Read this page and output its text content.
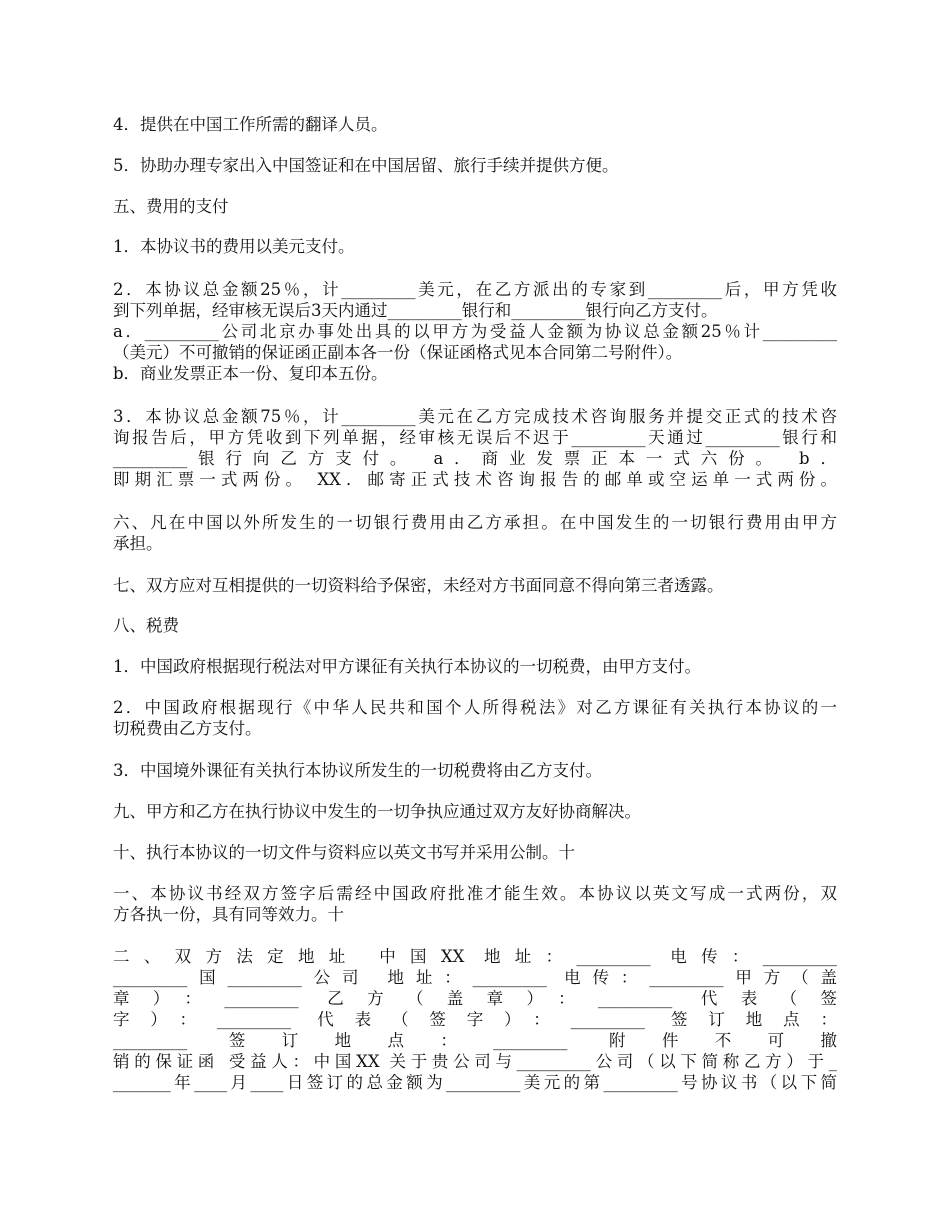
4．提供在中国工作所需的翻译人员。
5．协助办理专家出入中国签证和在中国居留、旅行手续并提供方便。
五、费用的支付
1．本协议书的费用以美元支付。
2．本协议总金额25％，计_________美元，在乙方派出的专家到_________后，甲方凭收
到下列单据，经审核无误后3天内通过_________银行和_________银行向乙方支付。
a．_________公司北京办事处出具的以甲方为受益人金额为协议总金额25％计_________
（美元）不可撤销的保证函正副本各一份（保证函格式见本合同第二号附件）。
b．商业发票正本一份、复印本五份。
3．本协议总金额75％，计_________美元在乙方完成技术咨询服务并提交正式的技术咨
询报告后，甲方凭收到下列单据，经审核无误后不迟于_________天通过_________银行和
_________银行向乙方支付。 a．商业发票正本一式六份。 b．
即期汇票一式两份。 XX．邮寄正式技术咨询报告的邮单或空运单一式两份。
六、凡在中国以外所发生的一切银行费用由乙方承担。在中国发生的一切银行费用由甲方
承担。
七、双方应对互相提供的一切资料给予保密，未经对方书面同意不得向第三者透露。
八、税费
1．中国政府根据现行税法对甲方课征有关执行本协议的一切税费，由甲方支付。
2．中国政府根据现行《中华人民共和国个人所得税法》对乙方课征有关执行本协议的一
切税费由乙方支付。
3．中国境外课征有关执行本协议所发生的一切税费将由乙方支付。
九、甲方和乙方在执行协议中发生的一切争执应通过双方友好协商解决。
十、执行本协议的一切文件与资料应以英文书写并采用公制。十
一、本协议书经双方签字后需经中国政府批准才能生效。本协议以英文写成一式两份，双
方各执一份，具有同等效力。十
二、双方法定地址 中国XX 地址：_________ 电传：_________
_________国_________公司 地址：_________ 电传：_________甲方（盖
章）：_________ 乙方（盖章）：_________ 代表（签
字）：_________ 代表（签字）：_________ 签订地点：
_________ 签订地点：_________ 附件不可撤
销的保证函 受益人：中国XX 关于贵公司与_________公司（以下简称乙方）于_
_______年____月____日签订的总金额为_________美元的第_________号协议书（以下简
